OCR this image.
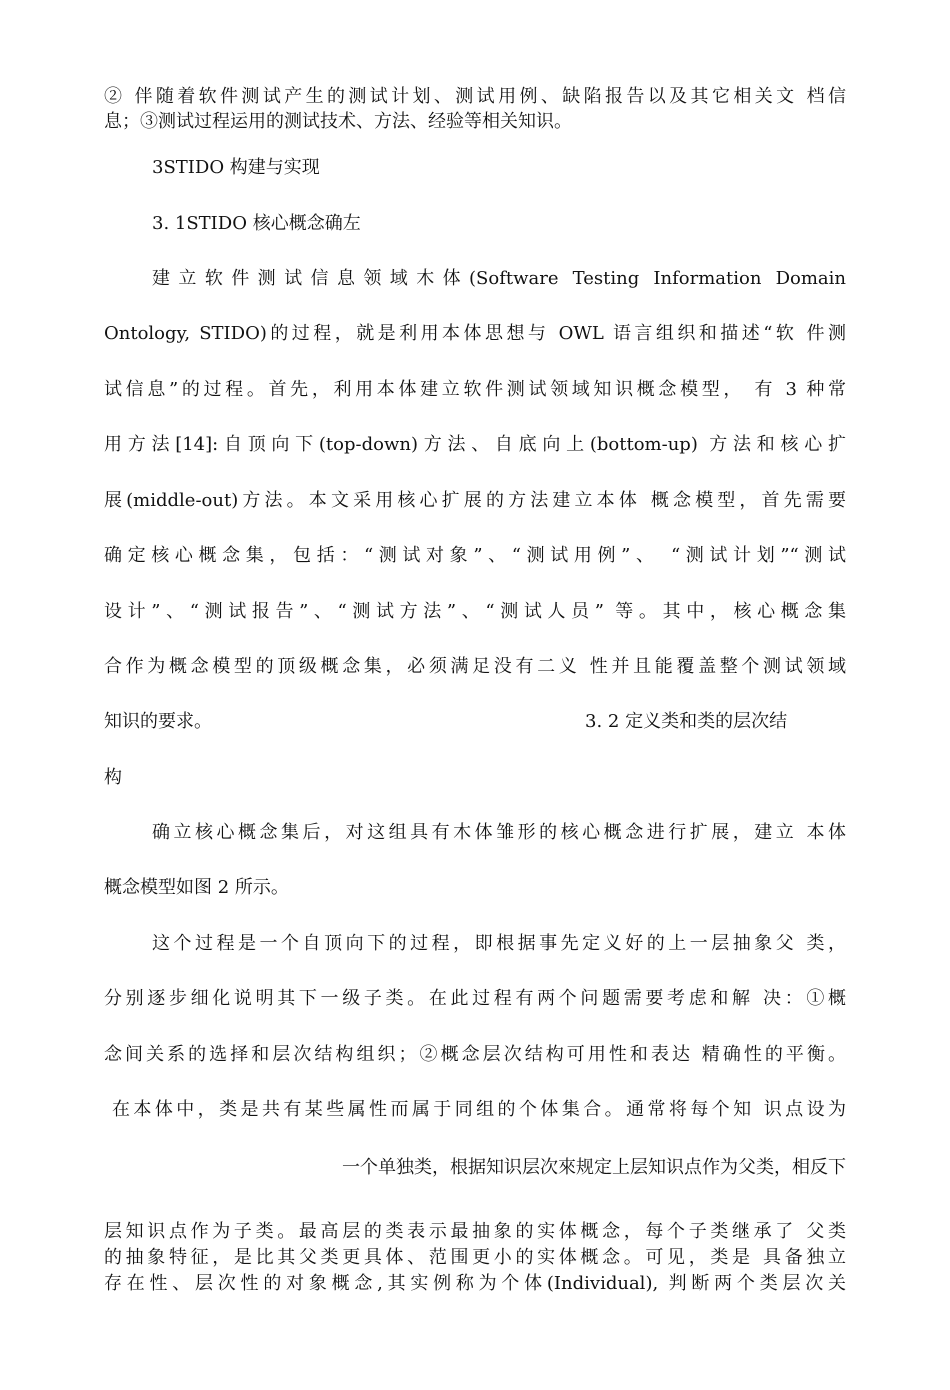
② 伴随着软件测试产生的测试计划、测试用例、缺陷报告以及其它相关文 档信

息；③测试过程运用的测试技术、方法、经验等相关知识。

3STIDO 构建与实现

3. 1STIDO 核心概念确左

建立软件测试信息领域木体(Software Testing Information Domain

Ontology, STIDO)的过程，就是利用本体思想与 OWL 语言组织和描述“软 件测

试信息”的过程。首先，利用本体建立软件测试领域知识概念模型， 有 3 种常

用方法[14]:自顶向下(top-down)方法、自底向上(bottom-up) 方法和核心扩

展(middle-out)方法。本文采用核心扩展的方法建立本体 概念模型，首先需要

确定核心概念集，包括：“测试对象”、“测试用例”、 “测试计划”“测试

设计”、“测试报告”、“测试方法”、“测试人员” 等。其中，核心概念集

合作为概念模型的顶级概念集，必须满足没有二义 性并且能覆盖整个测试领域

知识的要求。	3. 2 定义类和类的层次结

构

确立核心概念集后，对这组具有木体雏形的核心概念进行扩展，建立 本体

概念模型如图 2 所示。

这个过程是一个自顶向下的过程，即根据事先定义好的上一层抽象父 类，

分别逐步细化说明其下一级子类。在此过程有两个问题需要考虑和解 决：①概

念间关系的选择和层次结构组织；②概念层次结构可用性和表达 精确性的平衡。

在本体中，类是共有某些属性而属于同组的个体集合。通常将每个知 识点设为

一个单独类，根据知识层次來规定上层知识点作为父类，相反下

层知识点作为子类。最高层的类表示最抽象的实体概念，每个子类继承了 父类

的抽象特征，是比其父类更具体、范围更小的实体概念。可见，类是 具备独立

存在性、层次性的对象概念,其实例称为个体(Individual), 判断两个类层次关
